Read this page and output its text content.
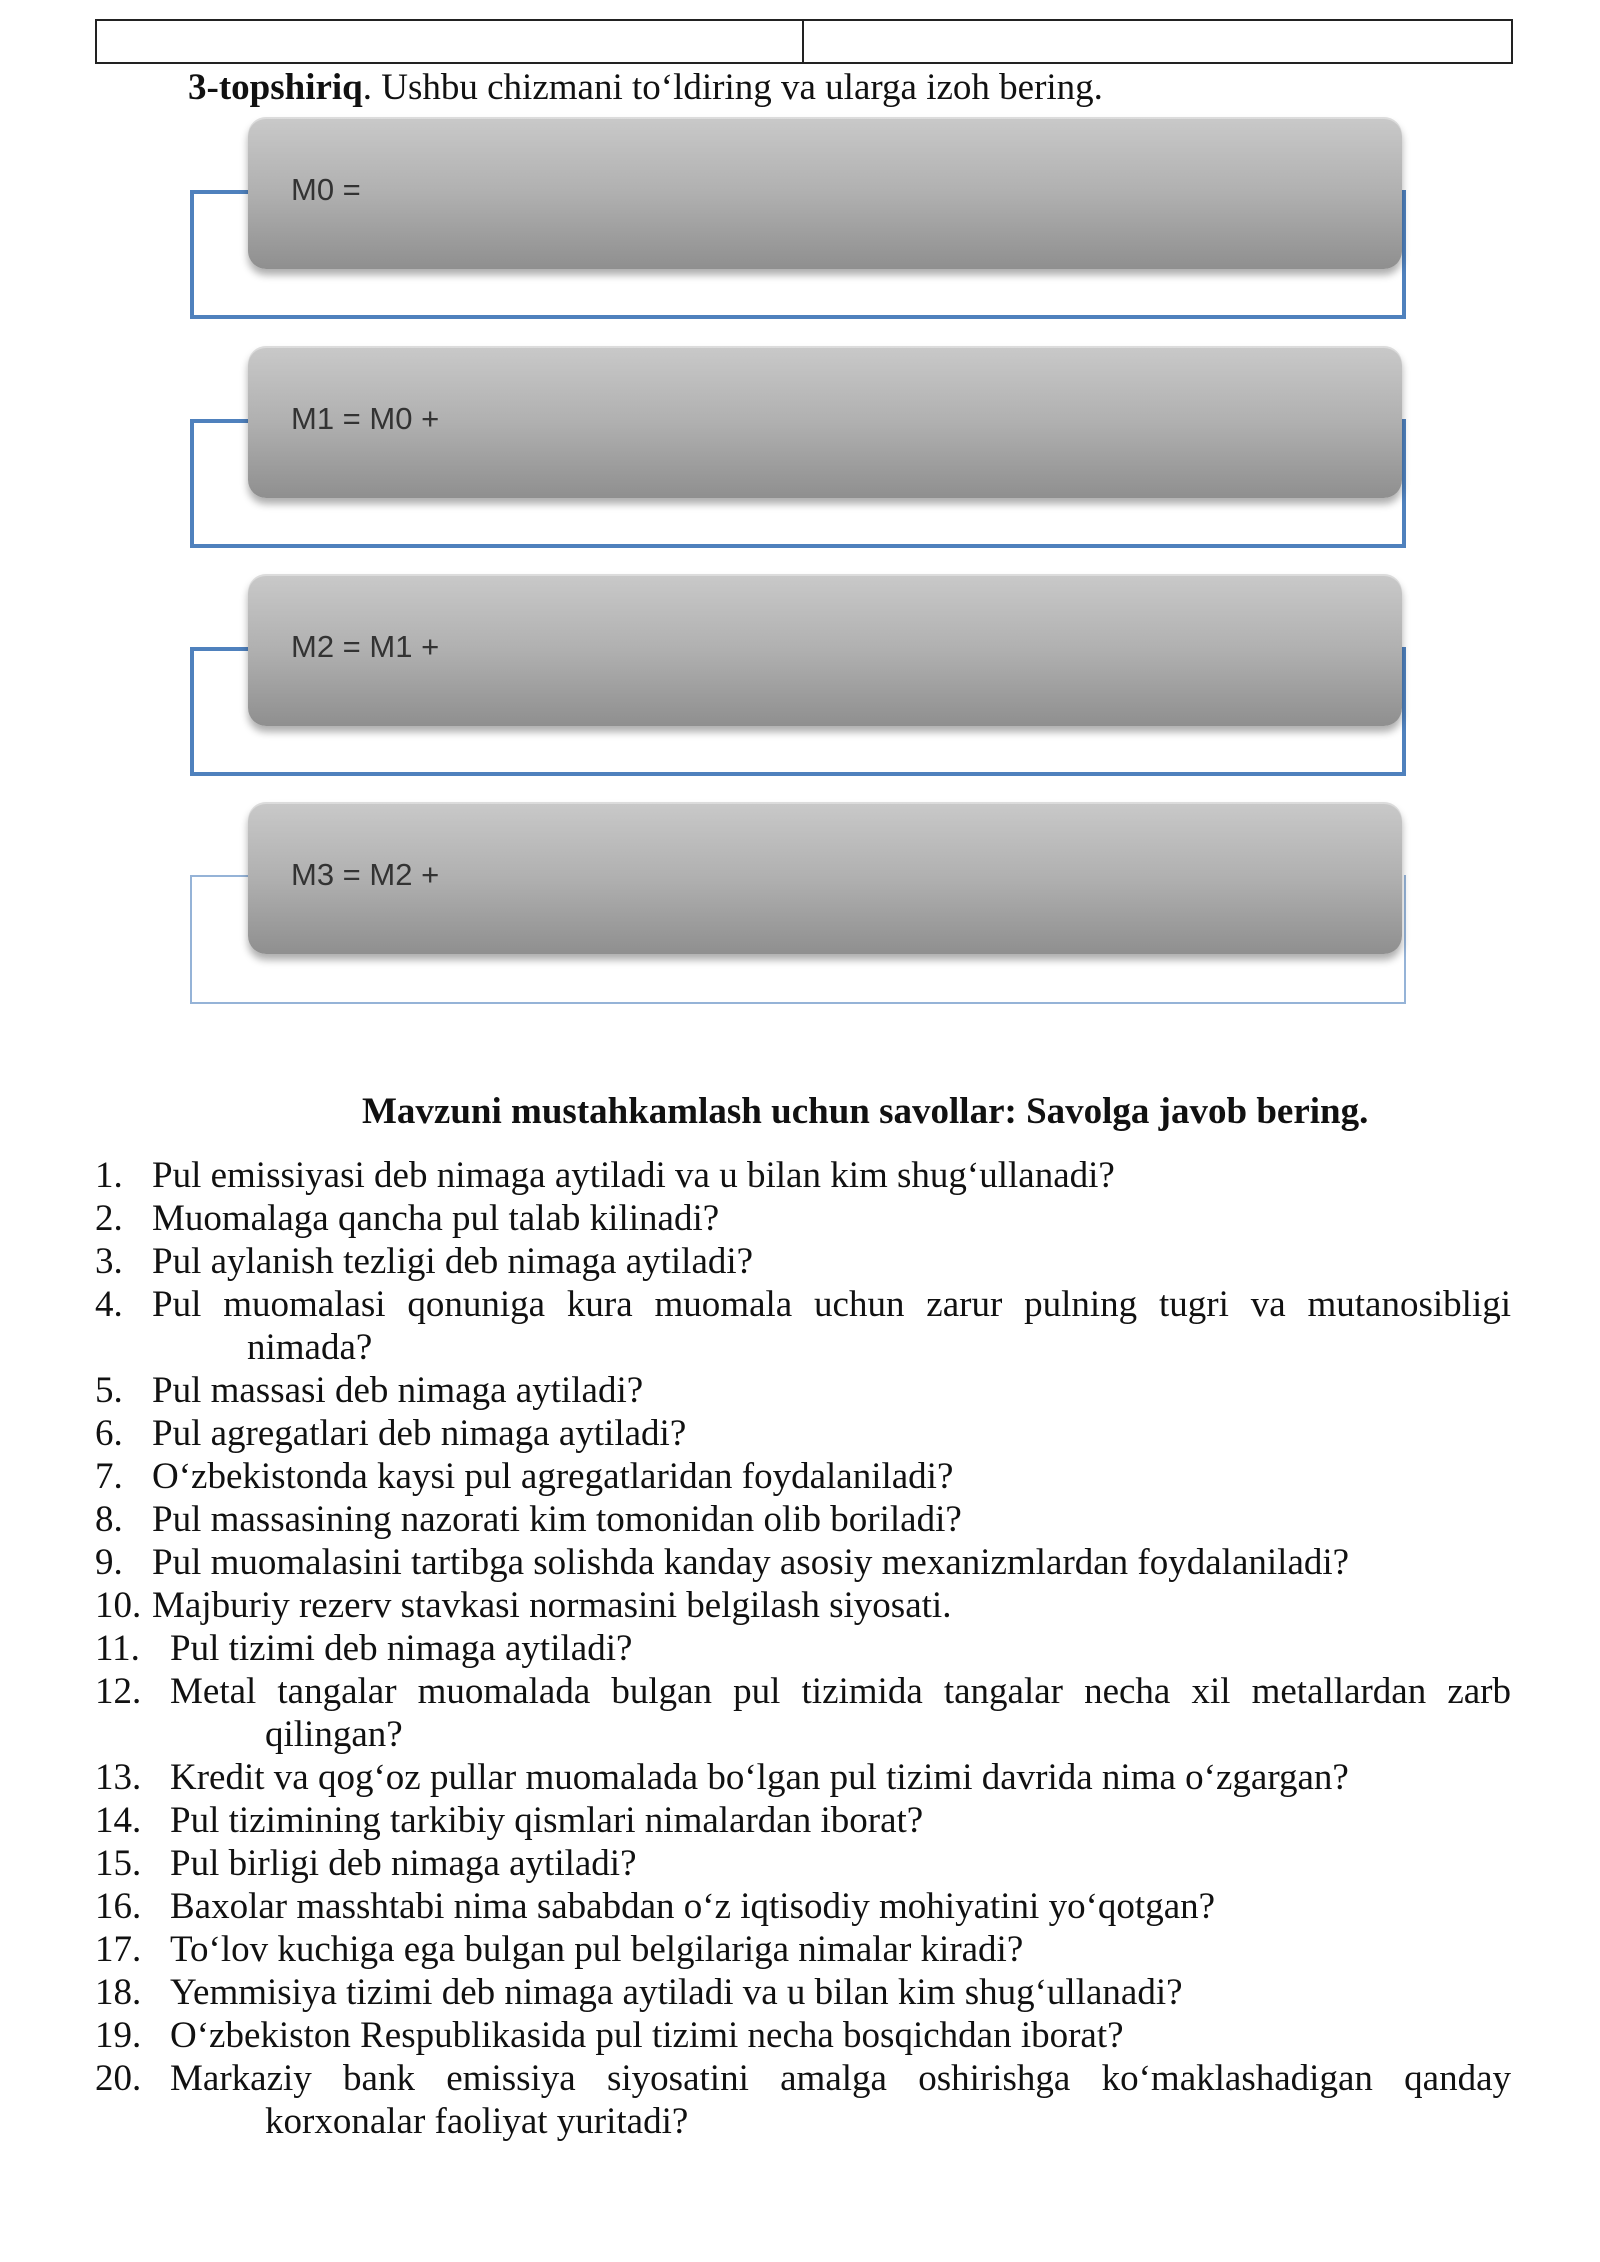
3-topshiriq. Ushbu chizmani to‘ldiring va ularga izoh bering.
M0 =
M1 = M0 +
M2 = M1 +
M3 = M2 +
Mavzuni mustahkamlash uchun savollar: Savolga javob bering.
1. Pul emissiyasi deb nimaga aytiladi va u bilan kim shug‘ullanadi?
2. Muomalaga qancha pul talab kilinadi?
3. Pul aylanish tezligi deb nimaga aytiladi?
4. Pul muomalasi qonuniga kura muomala uchun zarur pulning tugri va mutanosibligi nimada?
5. Pul massasi deb nimaga aytiladi?
6. Pul agregatlari deb nimaga aytiladi?
7. O‘zbekistonda kaysi pul agregatlaridan foydalaniladi?
8. Pul massasining nazorati kim tomonidan olib boriladi?
9. Pul muomalasini tartibga solishda kanday asosiy mexanizmlardan foydalaniladi?
10. Majburiy rezerv stavkasi normasini belgilash siyosati.
11. Pul tizimi deb nimaga aytiladi?
12. Metal tangalar muomalada bulgan pul tizimida tangalar necha xil metallardan zarb qilingan?
13. Kredit va qog‘oz pullar muomalada bo‘lgan pul tizimi davrida nima o‘zgargan?
14. Pul tizimining tarkibiy qismlari nimalardan iborat?
15. Pul birligi deb nimaga aytiladi?
16. Baxolar masshtabi nima sababdan o‘z iqtisodiy mohiyatini yo‘qotgan?
17. To‘lov kuchiga ega bulgan pul belgilariga nimalar kiradi?
18. Yemmisiya tizimi deb nimaga aytiladi va u bilan kim shug‘ullanadi?
19. O‘zbekiston Respublikasida pul tizimi necha bosqichdan iborat?
20. Markaziy bank emissiya siyosatini amalga oshirishga ko‘maklashadigan qanday korxonalar faoliyat yuritadi?
